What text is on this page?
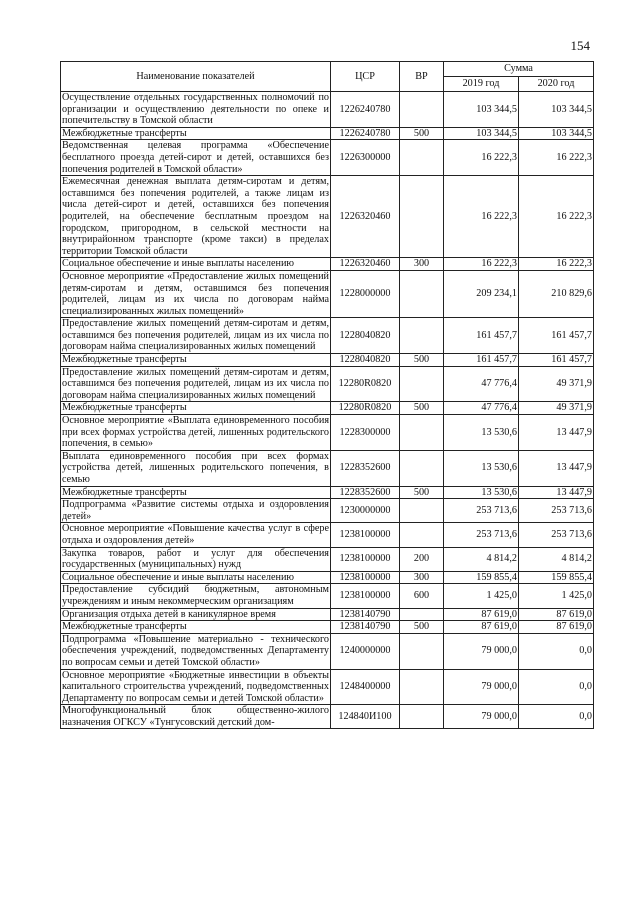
154
Наименование показателей	ЦСР	ВР	Сумма	
			2019 год	2020 год
Осуществление отдельных государственных полномочий по организации и осуществлению деятельности по опеке и попечительству в Томской области	1226240780		103 344,5	103 344,5
Межбюджетные трансферты	1226240780	500	103 344,5	103 344,5
Ведомственная целевая программа «Обеспечение бесплатного проезда детей-сирот и детей, оставшихся без попечения родителей в Томской области»	1226300000		16 222,3	16 222,3
Ежемесячная денежная выплата детям-сиротам и детям, оставшимся без попечения родителей, а также лицам из числа детей-сирот и детей, оставшихся без попечения родителей, на обеспечение бесплатным проездом на городском, пригородном, в сельской местности на внутрирайонном транспорте (кроме такси) в пределах территории Томской области	1226320460		16 222,3	16 222,3
Социальное обеспечение и иные выплаты населению	1226320460	300	16 222,3	16 222,3
Основное мероприятие «Предоставление жилых помещений детям-сиротам и детям, оставшимся без попечения родителей, лицам из их числа по договорам найма специализированных жилых помещений»	1228000000		209 234,1	210 829,6
Предоставление жилых помещений детям-сиротам и детям, оставшимся без попечения родителей, лицам из их числа по договорам найма специализированных жилых помещений	1228040820		161 457,7	161 457,7
Межбюджетные трансферты	1228040820	500	161 457,7	161 457,7
Предоставление жилых помещений детям-сиротам и детям, оставшимся без попечения родителей, лицам из их числа по договорам найма специализированных жилых помещений	12280R0820		47 776,4	49 371,9
Межбюджетные трансферты	12280R0820	500	47 776,4	49 371,9
Основное мероприятие «Выплата единовременного пособия при всех формах устройства детей, лишенных родительского попечения, в семью»	1228300000		13 530,6	13 447,9
Выплата единовременного пособия при всех формах устройства детей, лишенных родительского попечения, в семью	1228352600		13 530,6	13 447,9
Межбюджетные трансферты	1228352600	500	13 530,6	13 447,9
Подпрограмма «Развитие системы отдыха и оздоровления детей»	1230000000		253 713,6	253 713,6
Основное мероприятие «Повышение качества услуг в сфере отдыха и оздоровления детей»	1238100000		253 713,6	253 713,6
Закупка товаров, работ и услуг для обеспечения государственных (муниципальных) нужд	1238100000	200	4 814,2	4 814,2
Социальное обеспечение и иные выплаты населению	1238100000	300	159 855,4	159 855,4
Предоставление субсидий бюджетным, автономным учреждениям и иным некоммерческим организациям	1238100000	600	1 425,0	1 425,0
Организация отдыха детей в каникулярное время	1238140790		87 619,0	87 619,0
Межбюджетные трансферты	1238140790	500	87 619,0	87 619,0
Подпрограмма «Повышение материально - технического обеспечения учреждений, подведомственных Департаменту по вопросам семьи и детей Томской области»	1240000000		79 000,0	0,0
Основное мероприятие «Бюджетные инвестиции в объекты капитального строительства учреждений, подведомственных Департаменту по вопросам семьи и детей Томской области»	1248400000		79 000,0	0,0
Многофункциональный блок общественно-жилого назначения ОГКСУ «Тунгусовский детский дом-	124840И100		79 000,0	0,0
